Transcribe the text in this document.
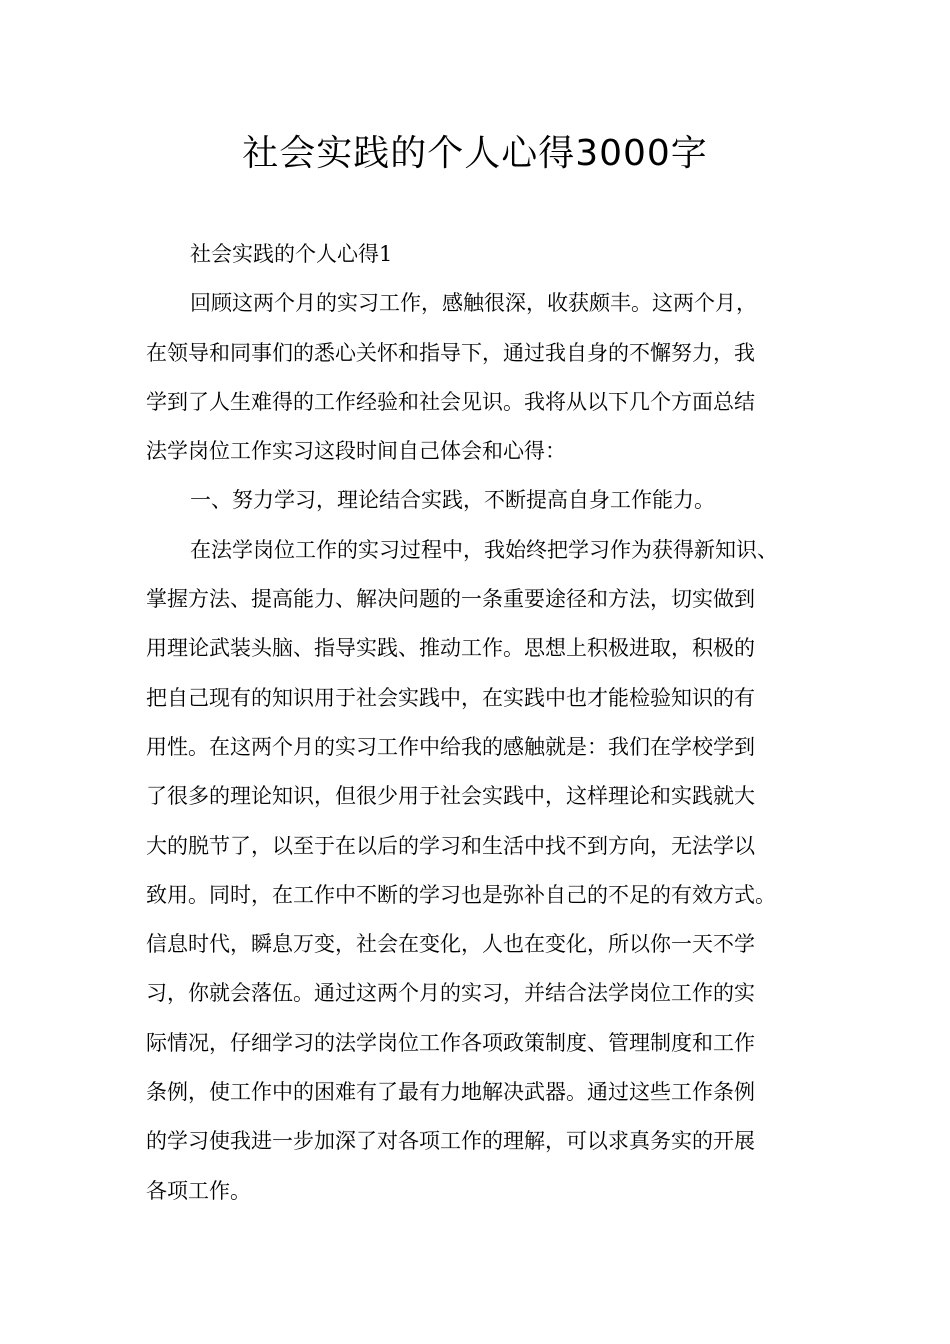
社会实践的个人心得3000字

社会实践的个人心得1

回顾这两个月的实习工作，感触很深，收获颇丰。这两个月，

在领导和同事们的悉心关怀和指导下，通过我自身的不懈努力，我

学到了人生难得的工作经验和社会见识。我将从以下几个方面总结

法学岗位工作实习这段时间自己体会和心得：

一、努力学习，理论结合实践，不断提高自身工作能力。

在法学岗位工作的实习过程中，我始终把学习作为获得新知识、

掌握方法、提高能力、解决问题的一条重要途径和方法，切实做到

用理论武装头脑、指导实践、推动工作。思想上积极进取，积极的

把自己现有的知识用于社会实践中，在实践中也才能检验知识的有

用性。在这两个月的实习工作中给我的感触就是：我们在学校学到

了很多的理论知识，但很少用于社会实践中，这样理论和实践就大

大的脱节了，以至于在以后的学习和生活中找不到方向，无法学以

致用。同时，在工作中不断的学习也是弥补自己的不足的有效方式。

信息时代，瞬息万变，社会在变化，人也在变化，所以你一天不学

习，你就会落伍。通过这两个月的实习，并结合法学岗位工作的实

际情况，仔细学习的法学岗位工作各项政策制度、管理制度和工作

条例，使工作中的困难有了最有力地解决武器。通过这些工作条例

的学习使我进一步加深了对各项工作的理解，可以求真务实的开展

各项工作。
